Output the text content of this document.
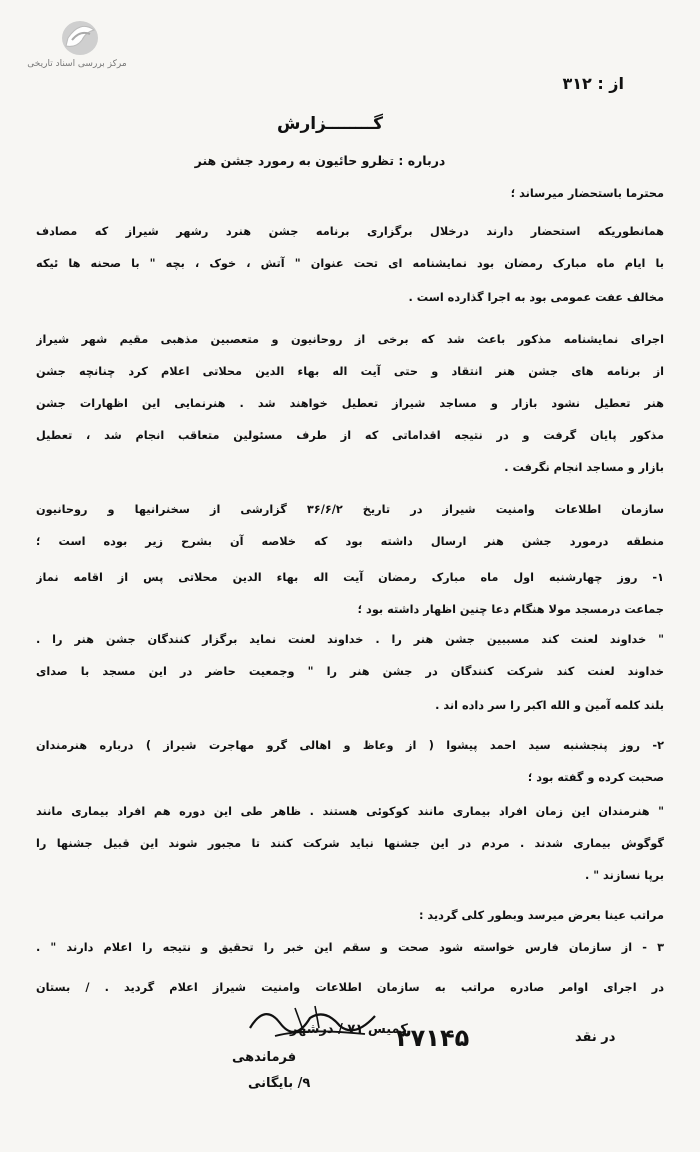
مرکز بررسی اسناد تاریخی
از : ۳۱۲
گــــــــزارش
درباره : تظرو حائیون به رمورد جشن هنر
محترما باستحضار میرساند ؛
همانطوریکه استحضار دارند درخلال برگزاری برنامه جشن هنرد رشهر شیراز که مصادف
با ایام ماه مبارک رمضان بود نمایشنامه ای تحت عنوان " آتش ، خوک ، بچه " با صحنه ها ئیکه
مخالف عفت عمومی بود به اجرا گذارده است .
اجرای نمایشنامه مذکور باعث شد که برخی از روحانیون و متعصبین مذهبی مقیم شهر شیراز
از برنامه های جشن هنر انتقاد و حتی آیت اله بهاء الدین محلاتی اعلام کرد چنانچه جشن
هنر تعطیل نشود بازار و مساجد شیراز تعطیل خواهند شد . هنرنمایی این اظهارات جشن
مذکور پایان گرفت و در نتیجه اقداماتی که از طرف مسئولین متعاقب انجام شد ، تعطیل
بازار و مساجد انجام نگرفت .
سازمان اطلاعات وامنیت شیراز در تاریخ ۳۶/۶/۲ گزارشی از سخنرانیها و روحانیون
منطقه درمورد جشن هنر ارسال داشته بود که خلاصه آن بشرح زیر بوده است ؛
۱- روز چهارشنبه اول ماه مبارک رمضان آیت اله بهاء الدین محلاتی پس از اقامه نماز
جماعت درمسجد مولا هنگام دعا چنین اظهار داشته بود ؛
" خداوند لعنت کند مسببین جشن هنر را . خداوند لعنت نماید برگزار کنندگان جشن هنر را .
خداوند لعنت کند شرکت کنندگان در جشن هنر را " وجمعیت حاضر در این مسجد با صدای
بلند کلمه آمین و الله اکبر را سر داده اند .
۲- روز پنجشنبه سید احمد پیشوا ( از وعاظ و اهالی گرو مهاجرت شیراز ) درباره هنرمندان
صحبت کرده و گفته بود ؛
" هنرمندان این زمان افراد بیماری مانند کوکوئی هستند . ظاهر طی این دوره هم افراد بیماری مانند
گوگوش بیماری شدند . مردم در این جشنها نباید شرکت کنند تا مجبور شوند این قبیل جشنها را
برپا نسازند " .
مراتب عینا بعرض میرسد وبطور کلی گردید :
۳ - از سازمان فارس خواسته شود صحت و سقم این خبر را تحقیق و نتیجه را اعلام دارند " .
در اجرای اوامر صادره مراتب به سازمان اطلاعات وامنیت شیراز اعلام گردید . / بستان
کمیس ۷۱ / درشهر
۳۷۱۴۵	در نقد
فرماندهی
۹/ بایگانی
